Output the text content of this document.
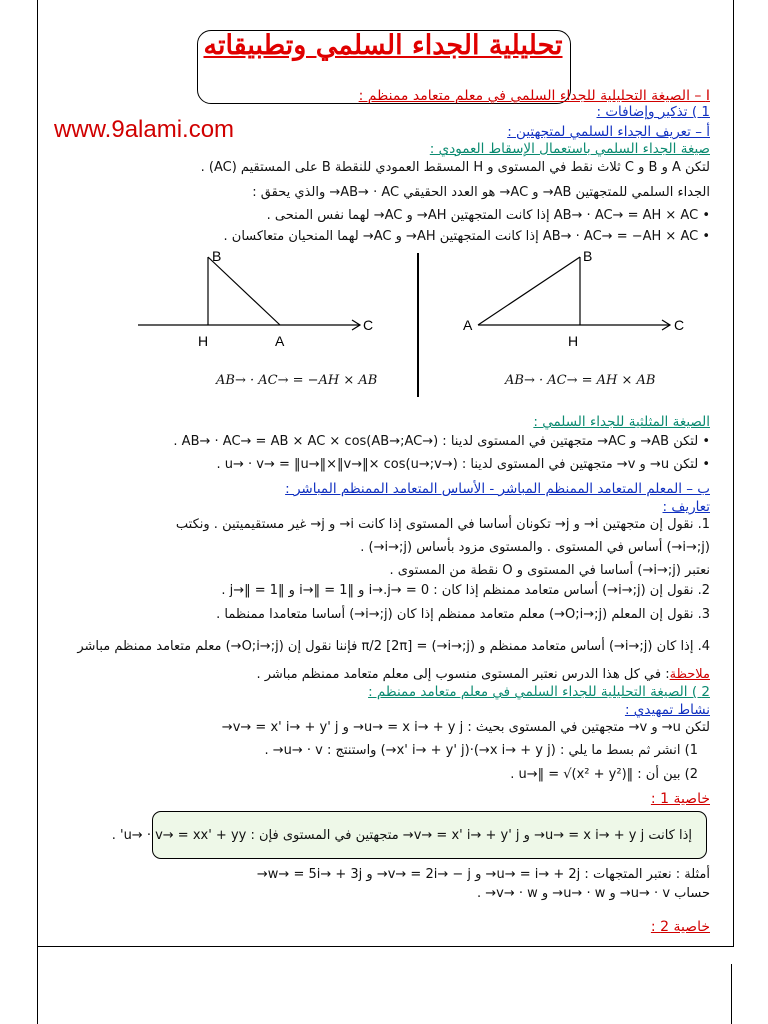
تحليلية الجداء السلمي وتطبيقاته
www.9alami.com
I – الصيغة التحليلية للجداء السلمي في معلم متعامد ممنظم :
1 ) تذكير وإضافات :
أ – تعريف الجداء السلمي لمتجهتين :
صيغة الجداء السلمي باستعمال الإسقاط العمودي :
لتكن A و B و C ثلاث نقط في المستوى و H المسقط العمودي للنقطة B على المستقيم (AC) .
الجداء السلمي للمتجهتين AB→ و AC→ هو العدد الحقيقي AB→ · AC→ والذي يحقق :
• AB→ · AC→ = AH × AC إذا كانت المتجهتين AH→ و AC→ لهما نفس المنحى .
• AB→ · AC→ = −AH × AC إذا كانت المتجهتين AH→ و AC→ لهما المنحيان متعاكسان .
B
C
H	A
B
C
A
H
AB→ · AC→ = −AH × AB	AB→ · AC→ = AH × AB
الصيغة المثلثية للجداء السلمي :
• لتكن AB→ و AC→ متجهتين في المستوى لدينا : AB→ · AC→ = AB × AC × cos(AB→;AC→) .
• لتكن u→ و v→ متجهتين في المستوى لدينا : u→ · v→ = ‖u→‖×‖v→‖× cos(u→;v→) .
ب – المعلم المتعامد الممنظم المباشر - الأساس المتعامد الممنظم المباشر :
تعاريف :
1. نقول إن متجهتين i→ و j→ تكونان أساسا في المستوى إذا كانت i→ و j→ غير مستقيميتين . ونكتب
(i→;j→) أساس في المستوى . والمستوى مزود بأساس (i→;j→) .
نعتبر (i→;j→) أساسا في المستوى و O نقطة من المستوى .
2. نقول إن (i→;j→) أساس متعامد ممنظم إذا كان : i→.j→ = 0 و ‖i→‖ = 1 و ‖j→‖ = 1 .
3. نقول إن المعلم (O;i→;j→) معلم متعامد ممنظم إذا كان (i→;j→) أساسا متعامدا ممنظما .
4. إذا كان (i→;j→) أساس متعامد ممنظم و (i→;j→) = π/2 [2π] فإننا نقول إن (O;i→;j→) معلم متعامد ممنظم مباشر
ملاحظة: في كل هذا الدرس نعتبر المستوى منسوب إلى معلم متعامد ممنظم مباشر .
2 ) الصيغة التحليلية للجداء السلمي في معلم متعامد ممنظم :
نشاط تمهيدي :
لتكن u→ و v→ متجهتين في المستوى بحيث : u→ = x i→ + y j→ و v→ = x' i→ + y' j→
1) انشر ثم بسط ما يلي : (x i→ + y j→)·(x' i→ + y' j→) واستنتج : u→ · v→ .
2) بين أن : ‖u→‖ = √(x² + y²) .
خاصية 1 :
إذا كانت u→ = x i→ + y j→ و v→ = x' i→ + y' j→ متجهتين في المستوى فإن : u→ · v→ = xx' + yy' .
أمثلة : نعتبر المتجهات : u→ = i→ + 2j→ و v→ = 2i→ − j→ و w→ = 5i→ + 3j→
حساب u→ · v→ و u→ · w→ و v→ · w→ .
خاصية 2 :
